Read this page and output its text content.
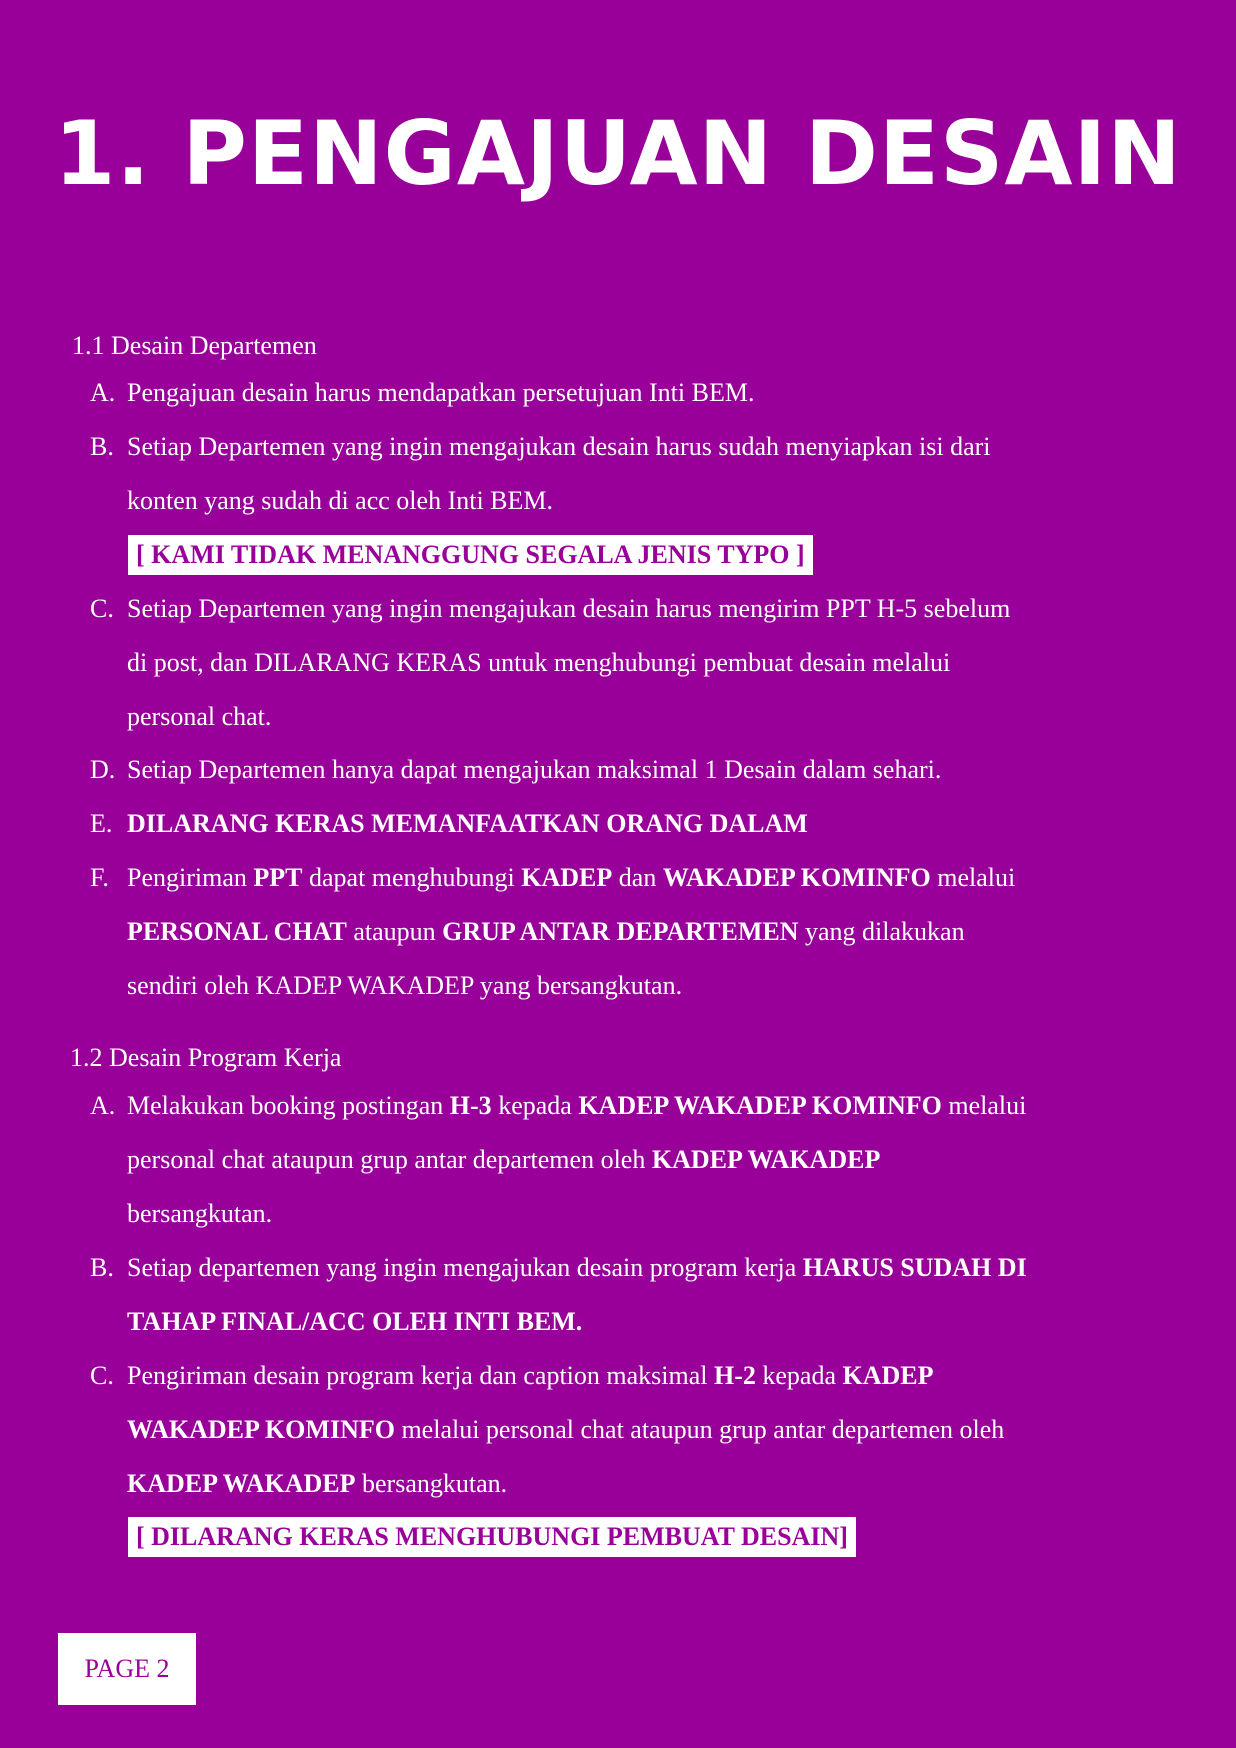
1. PENGAJUAN DESAIN
1.1 Desain Departemen
A. Pengajuan desain harus mendapatkan persetujuan Inti BEM.
B. Setiap Departemen yang ingin mengajukan desain harus sudah menyiapkan isi dari
konten yang sudah di acc oleh Inti BEM.
[ KAMI TIDAK MENANGGUNG SEGALA JENIS TYPO ]
C. Setiap Departemen yang ingin mengajukan desain harus mengirim PPT H-5 sebelum
di post, dan DILARANG KERAS untuk menghubungi pembuat desain melalui
personal chat.
D. Setiap Departemen hanya dapat mengajukan maksimal 1 Desain dalam sehari.
E. DILARANG KERAS MEMANFAATKAN ORANG DALAM
F. Pengiriman PPT dapat menghubungi KADEP dan WAKADEP KOMINFO melalui
PERSONAL CHAT ataupun GRUP ANTAR DEPARTEMEN yang dilakukan
sendiri oleh KADEP WAKADEP yang bersangkutan.
1.2 Desain Program Kerja
A. Melakukan booking postingan H-3 kepada KADEP WAKADEP KOMINFO melalui
personal chat ataupun grup antar departemen oleh KADEP WAKADEP
bersangkutan.
B. Setiap departemen yang ingin mengajukan desain program kerja HARUS SUDAH DI
TAHAP FINAL/ACC OLEH INTI BEM.
C. Pengiriman desain program kerja dan caption maksimal H-2 kepada KADEP
WAKADEP KOMINFO melalui personal chat ataupun grup antar departemen oleh
KADEP WAKADEP bersangkutan.
[ DILARANG KERAS MENGHUBUNGI PEMBUAT DESAIN]
PAGE 2
